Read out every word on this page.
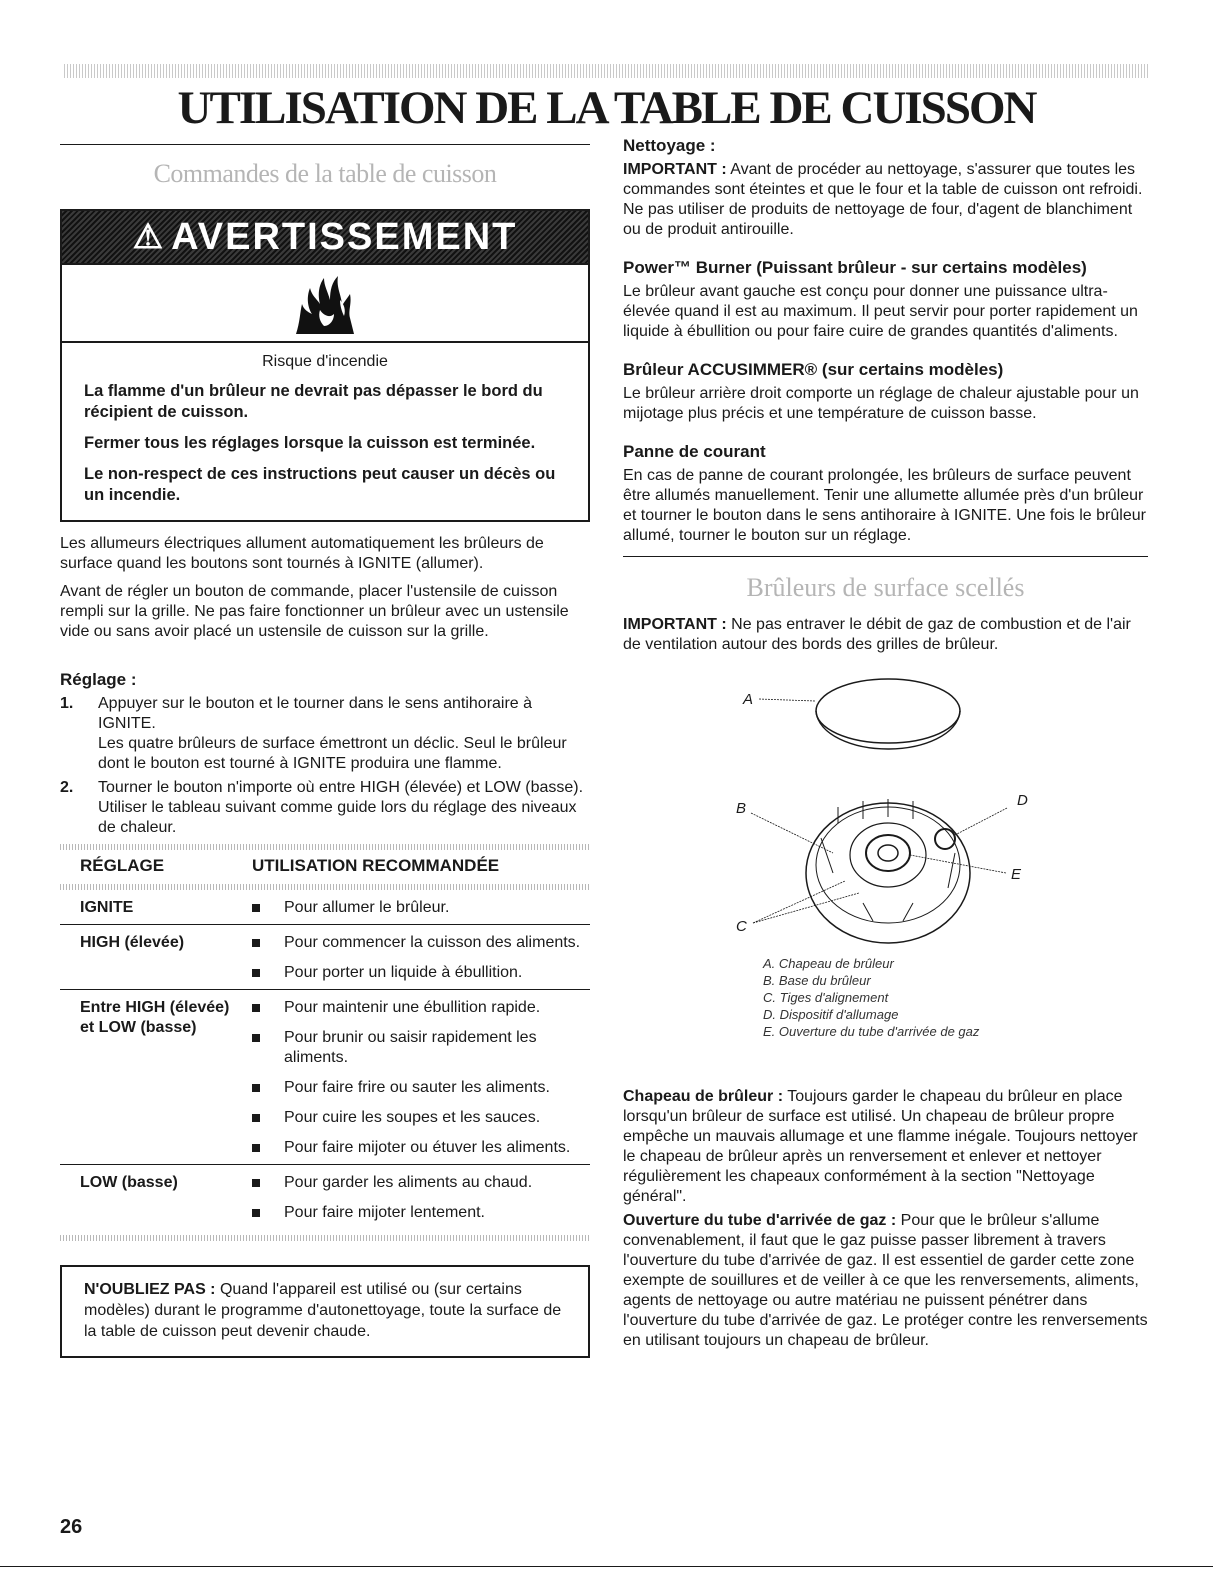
UTILISATION DE LA TABLE DE CUISSON
Commandes de la table de cuisson
⚠ AVERTISSEMENT
Risque d'incendie
La flamme d'un brûleur ne devrait pas dépasser le bord du récipient de cuisson.
Fermer tous les réglages lorsque la cuisson est terminée.
Le non-respect de ces instructions peut causer un décès ou un incendie.

Les allumeurs électriques allument automatiquement les brûleurs de surface quand les boutons sont tournés à IGNITE (allumer).

Avant de régler un bouton de commande, placer l'ustensile de cuisson rempli sur la grille. Ne pas faire fonctionner un brûleur avec un ustensile vide ou sans avoir placé un ustensile de cuisson sur la grille.

Réglage :
1. Appuyer sur le bouton et le tourner dans le sens antihoraire à IGNITE.
Les quatre brûleurs de surface émettront un déclic. Seul le brûleur dont le bouton est tourné à IGNITE produira une flamme.
2. Tourner le bouton n'importe où entre HIGH (élevée) et LOW (basse). Utiliser le tableau suivant comme guide lors du réglage des niveaux de chaleur.
RÉGLAGE	UTILISATION RECOMMANDÉE

IGNITE	Pour allumer le brûleur.

HIGH (élevée)	Pour commencer la cuisson des aliments.
Pour porter un liquide à ébullition.

Entre HIGH (élevée) et LOW (basse)	Pour maintenir une ébullition rapide.
Pour brunir ou saisir rapidement les aliments.
Pour faire frire ou sauter les aliments.
Pour cuire les soupes et les sauces.
Pour faire mijoter ou étuver les aliments.

LOW (basse)	Pour garder les aliments au chaud.
Pour faire mijoter lentement.
N'OUBLIEZ PAS : Quand l'appareil est utilisé ou (sur certains modèles) durant le programme d'autonettoyage, toute la surface de la table de cuisson peut devenir chaude.
Nettoyage :

IMPORTANT : Avant de procéder au nettoyage, s'assurer que toutes les commandes sont éteintes et que le four et la table de cuisson ont refroidi. Ne pas utiliser de produits de nettoyage de four, d'agent de blanchiment ou de produit antirouille.

Power™ Burner (Puissant brûleur - sur certains modèles)

Le brûleur avant gauche est conçu pour donner une puissance ultra-élevée quand il est au maximum. Il peut servir pour porter rapidement un liquide à ébullition ou pour faire cuire de grandes quantités d'aliments.

Brûleur ACCUSIMMER® (sur certains modèles)

Le brûleur arrière droit comporte un réglage de chaleur ajustable pour un mijotage plus précis et une température de cuisson basse.

Panne de courant

En cas de panne de courant prolongée, les brûleurs de surface peuvent être allumés manuellement. Tenir une allumette allumée près d'un brûleur et tourner le bouton dans le sens antihoraire à IGNITE. Une fois le brûleur allumé, tourner le bouton sur un réglage.

Brûleurs de surface scellés

IMPORTANT : Ne pas entraver le débit de gaz de combustion et de l'air de ventilation autour des bords des grilles de brûleur.

A
B
C
D
E
A. Chapeau de brûleur
B. Base du brûleur
C. Tiges d'alignement
D. Dispositif d'allumage
E. Ouverture du tube d'arrivée de gaz

Chapeau de brûleur : Toujours garder le chapeau du brûleur en place lorsqu'un brûleur de surface est utilisé. Un chapeau de brûleur propre empêche un mauvais allumage et une flamme inégale. Toujours nettoyer le chapeau de brûleur après un renversement et enlever et nettoyer régulièrement les chapeaux conformément à la section "Nettoyage général".

Ouverture du tube d'arrivée de gaz : Pour que le brûleur s'allume convenablement, il faut que le gaz puisse passer librement à travers l'ouverture du tube d'arrivée de gaz. Il est essentiel de garder cette zone exempte de souillures et de veiller à ce que les renversements, aliments, agents de nettoyage ou autre matériau ne puissent pénétrer dans l'ouverture du tube d'arrivée de gaz. Le protéger contre les renversements en utilisant toujours un chapeau de brûleur.

26
